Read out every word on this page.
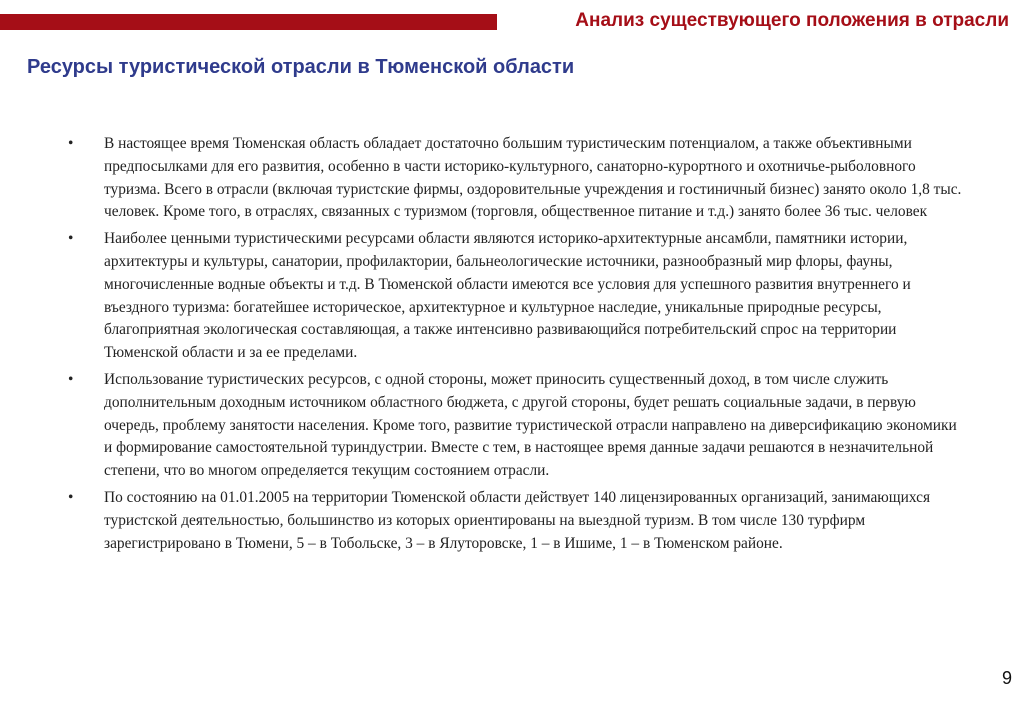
Анализ существующего положения в отрасли
Ресурсы туристической отрасли в Тюменской области
•	В настоящее время Тюменская область обладает достаточно большим туристическим потенциалом, а также объективными предпосылками для его развития, особенно в части историко-культурного, санаторно-курортного и охотничье-рыболовного туризма. Всего в отрасли (включая туристские фирмы, оздоровительные учреждения и гостиничный бизнес) занято около 1,8 тыс. человек. Кроме того, в отраслях, связанных с туризмом (торговля, общественное питание и т.д.) занято более 36 тыс. человек
•	Наиболее ценными туристическими ресурсами области являются историко-архитектурные ансамбли, памятники истории, архитектуры и культуры, санатории, профилактории, бальнеологические источники, разнообразный мир флоры, фауны, многочисленные водные объекты и т.д. В Тюменской области имеются все условия для успешного развития внутреннего и въездного туризма: богатейшее историческое, архитектурное и культурное наследие, уникальные природные ресурсы, благоприятная экологическая составляющая, а также интенсивно развивающийся потребительский спрос на территории Тюменской области и за ее пределами.
•	Использование туристических ресурсов, с одной стороны, может приносить существенный доход, в том числе служить дополнительным доходным источником областного бюджета, с другой стороны, будет решать социальные задачи, в первую очередь, проблему занятости населения. Кроме того, развитие туристической отрасли направлено на диверсификацию экономики и формирование самостоятельной туриндустрии. Вместе с тем, в настоящее время данные задачи решаются в незначительной степени, что во многом определяется текущим состоянием отрасли.
•	По состоянию на 01.01.2005 на территории Тюменской области действует 140 лицензированных организаций, занимающихся туристской деятельностью, большинство из которых ориентированы на выездной туризм. В том числе 130 турфирм зарегистрировано в Тюмени, 5 – в Тобольске, 3 – в Ялуторовске, 1 – в Ишиме, 1 – в Тюменском районе.
9
